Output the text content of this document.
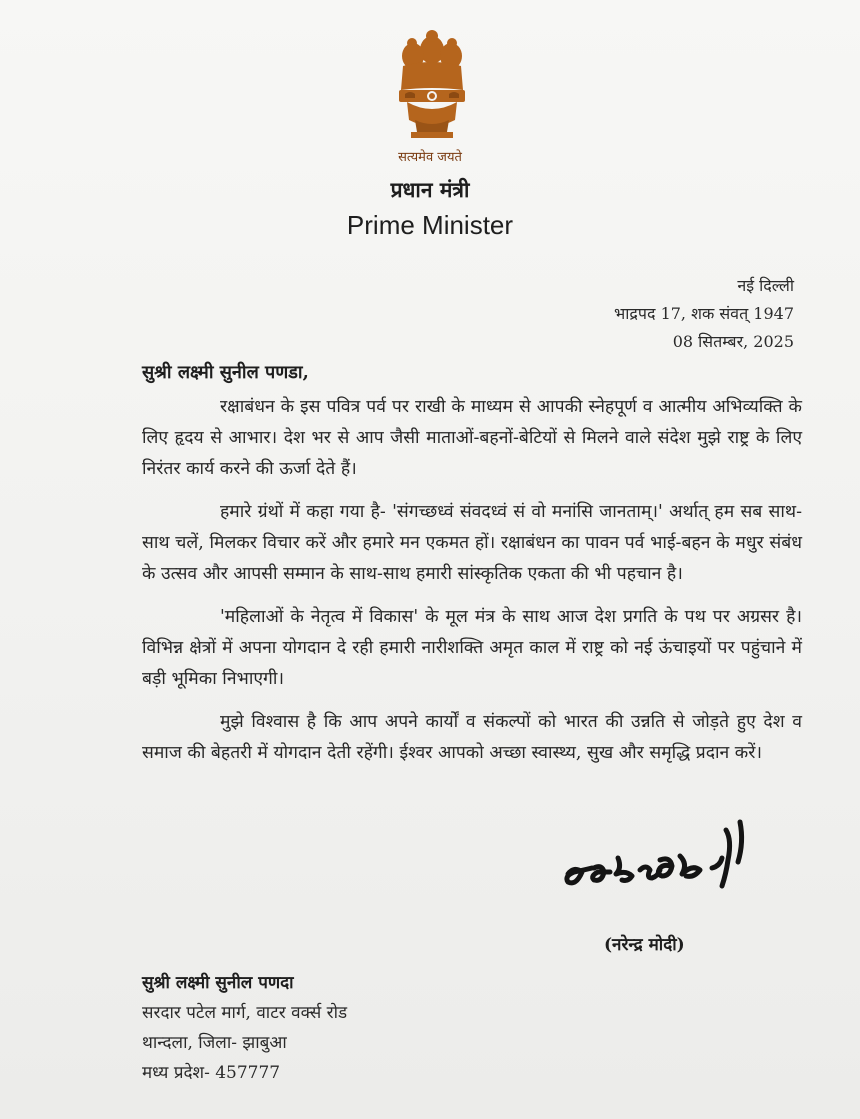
सत्यमेव जयते
प्रधान मंत्री
Prime Minister
नई दिल्ली
भाद्रपद 17, शक संवत् 1947
08 सितम्बर, 2025
सुश्री लक्ष्मी सुनील पणडा,

रक्षाबंधन के इस पवित्र पर्व पर राखी के माध्यम से आपकी स्नेहपूर्ण व आत्मीय अभिव्यक्ति के लिए हृदय से आभार। देश भर से आप जैसी माताओं-बहनों-बेटियों से मिलने वाले संदेश मुझे राष्ट्र के लिए निरंतर कार्य करने की ऊर्जा देते हैं।

हमारे ग्रंथों में कहा गया है- 'संगच्छध्वं संवदध्वं सं वो मनांसि जानताम्।' अर्थात् हम सब साथ-साथ चलें, मिलकर विचार करें और हमारे मन एकमत हों। रक्षाबंधन का पावन पर्व भाई-बहन के मधुर संबंध के उत्सव और आपसी सम्मान के साथ-साथ हमारी सांस्कृतिक एकता की भी पहचान है।

'महिलाओं के नेतृत्व में विकास' के मूल मंत्र के साथ आज देश प्रगति के पथ पर अग्रसर है। विभिन्न क्षेत्रों में अपना योगदान दे रही हमारी नारीशक्ति अमृत काल में राष्ट्र को नई ऊंचाइयों पर पहुंचाने में बड़ी भूमिका निभाएगी।

मुझे विश्वास है कि आप अपने कार्यों व संकल्पों को भारत की उन्नति से जोड़ते हुए देश व समाज की बेहतरी में योगदान देती रहेंगी। ईश्वर आपको अच्छा स्वास्थ्य, सुख और समृद्धि प्रदान करें।

(नरेन्द्र मोदी)
सुश्री लक्ष्मी सुनील पणदा
सरदार पटेल मार्ग, वाटर वर्क्स रोड
थान्दला, जिला- झाबुआ
मध्य प्रदेश- 457777
